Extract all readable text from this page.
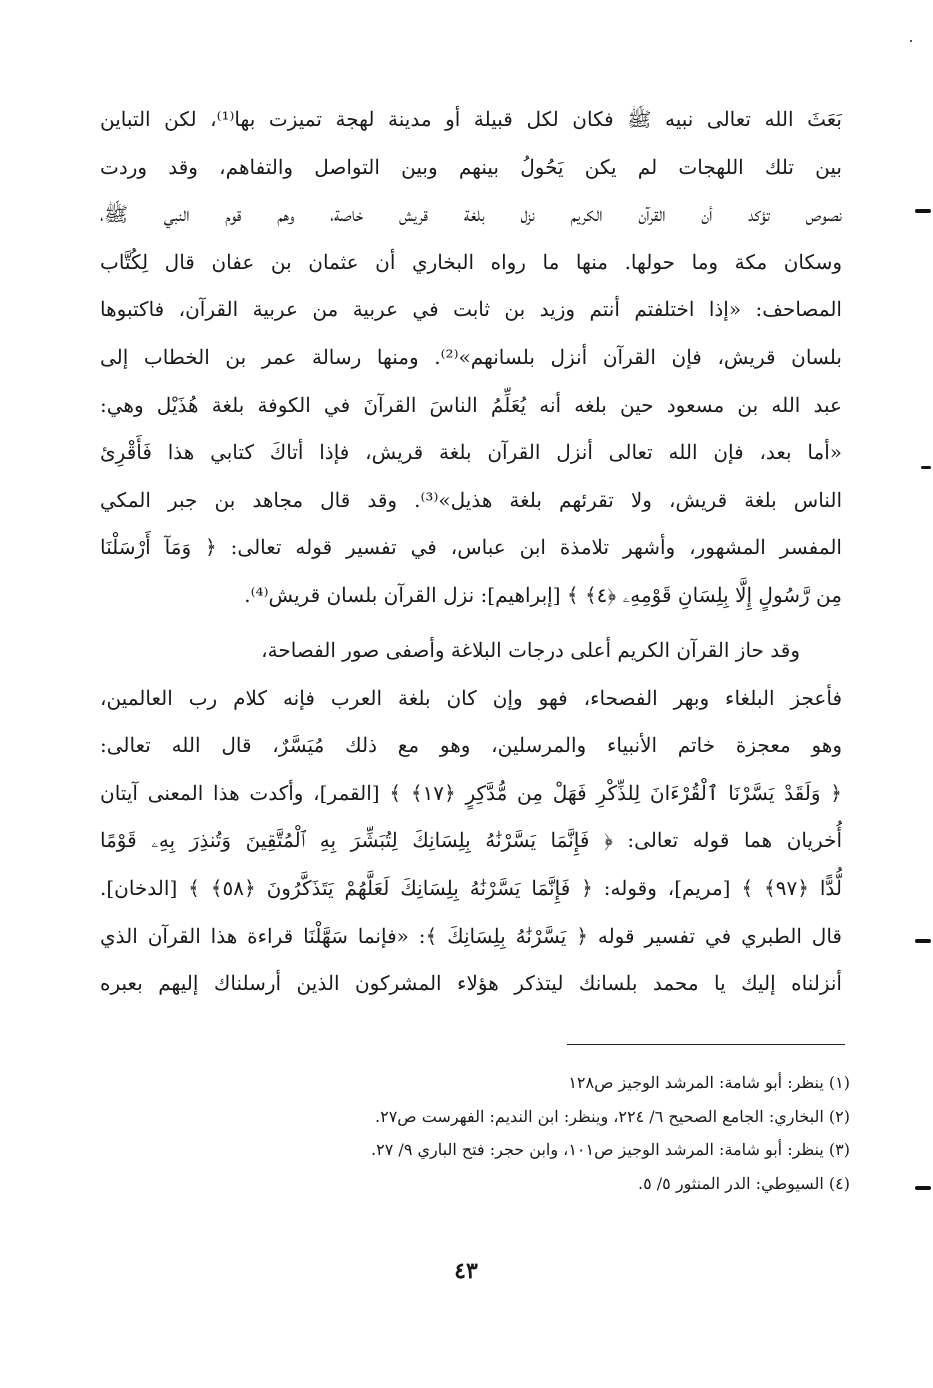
بَعَثَ الله تعالى نبيه ﷺ فكان لكل قبيلة أو مدينة لهجة تميزت بها⁽¹⁾، لكن التباين
بين تلك اللهجات لم يكن يَحُولُ بينهم وبين التواصل والتفاهم، وقد وردت
نصوص تؤكد أن القرآن الكريم نزل بلغة قريش خاصة، وهم قوم النبي ﷺ،
وسكان مكة وما حولها. منها ما رواه البخاري أن عثمان بن عفان قال لِكُتَّاب
المصاحف: «إذا اختلفتم أنتم وزيد بن ثابت في عربية من عربية القرآن، فاكتبوها
بلسان قريش، فإن القرآن أنزل بلسانهم»⁽²⁾. ومنها رسالة عمر بن الخطاب إلى
عبد الله بن مسعود حين بلغه أنه يُعَلِّمُ الناسَ القرآنَ في الكوفة بلغة هُذَيْل وهي:
«أما بعد، فإن الله تعالى أنزل القرآن بلغة قريش، فإذا أتاكَ كتابي هذا فَأَقْرِئ
الناس بلغة قريش، ولا تقرئهم بلغة هذيل»⁽³⁾. وقد قال مجاهد بن جبر المكي
المفسر المشهور، وأشهر تلامذة ابن عباس، في تفسير قوله تعالى: ﴿ وَمَآ أَرْسَلْنَا
مِن رَّسُولٍ إِلَّا بِلِسَانِ قَوْمِهِۦ ﴿٤﴾ ﴾ [إبراهيم]: نزل القرآن بلسان قريش⁽⁴⁾.
وقد حاز القرآن الكريم أعلى درجات البلاغة وأصفى صور الفصاحة،
فأعجز البلغاء وبهر الفصحاء، فهو وإن كان بلغة العرب فإنه كلام رب العالمين،
وهو معجزة خاتم الأنبياء والمرسلين، وهو مع ذلك مُيَسَّرٌ، قال الله تعالى:
﴿ وَلَقَدْ يَسَّرْنَا ٱلْقُرْءَانَ لِلذِّكْرِ فَهَلْ مِن مُّدَّكِرٍ ﴿١٧﴾ ﴾ [القمر]، وأكدت هذا المعنى آيتان
أُخريان هما قوله تعالى: ﴿ فَإِنَّمَا يَسَّرْنَٰهُ بِلِسَانِكَ لِتُبَشِّرَ بِهِ ٱلْمُتَّقِينَ وَتُنذِرَ بِهِۦ قَوْمًا
لُّدًّا ﴿٩٧﴾ ﴾ [مريم]، وقوله: ﴿ فَإِنَّمَا يَسَّرْنَٰهُ بِلِسَانِكَ لَعَلَّهُمْ يَتَذَكَّرُونَ ﴿٥٨﴾ ﴾ [الدخان].
قال الطبري في تفسير قوله ﴿ يَسَّرْنَٰهُ بِلِسَانِكَ ﴾: «فإنما سَهَّلْنَا قراءة هذا القرآن الذي
أنزلناه إليك يا محمد بلسانك ليتذكر هؤلاء المشركون الذين أرسلناك إليهم بعبره
(١) ينظر: أبو شامة: المرشد الوجيز ص١٢٨
(٢) البخاري: الجامع الصحيح ٦/ ٢٢٤، وينظر: ابن النديم: الفهرست ص٢٧.
(٣) ينظر: أبو شامة: المرشد الوجيز ص١٠١، وابن حجر: فتح الباري ٩/ ٢٧.
(٤) السيوطي: الدر المنثور ٥/ ٥.
٤٣
